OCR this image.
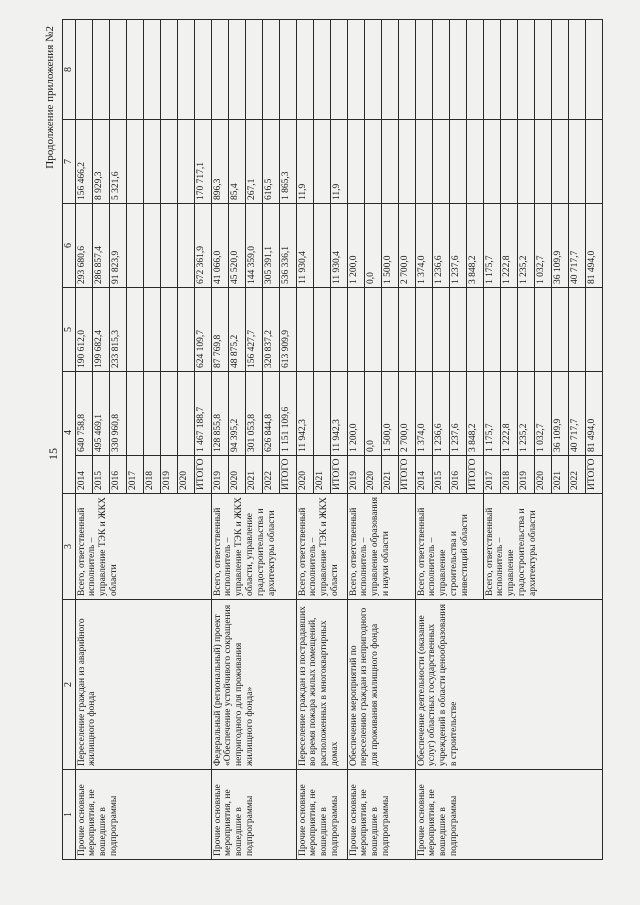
15

Продолжение приложения №2

1	2	3	4		5	6	7	8
Прочие основные мероприятия, не вошедшие в подпрограммы	Переселение граждан из аварийного жилищного фонда	Всего, ответственный исполнитель – управление ТЭК и ЖКХ области	2014	640 758,8	190 612,0	293 680,6	156 466,2	
			2015	495 469,1	199 682,4	286 857,4	8 929,3	
			2016	330 960,8	233 815,3	91 823,9	5 321,6	
			2017					
			2018					
			2019					
			2020					
			ИТОГО	1 467 188,7	624 109,7	672 361,9	170 717,1	
Прочие основные мероприятия, не вошедшие в подпрограммы	Федеральный (региональный) проект «Обеспечение устойчивого сокращения непригодного для проживания жилищного фонда»	Всего, ответственный исполнитель – управление ТЭК и ЖКХ области, управление градостроительства и архитектуры области	2019	128 855,8	87 769,8	41 066,0	896,3	
			2020	94 395,2	48 875,2	45 520,0	85,4	
			2021	301 053,8	156 427,7	144 359,0	267,1	
			2022	626 844,8	320 837,2	305 391,1	616,5	
			ИТОГО	1 151 109,6	613 909,9	536 336,1	1 865,3	
Прочие основные мероприятия, не вошедшие в подпрограммы	Переселение граждан из пострадавших во время пожара жилых помещений, расположенных в многоквартирных домах	Всего, ответственный исполнитель – управление ТЭК и ЖКХ области	2020	11 942,3		11 930,4	11,9	
			2021					
			ИТОГО	11 942,3		11 930,4	11,9	
Прочие основные мероприятия, не вошедшие в подпрограммы	Обеспечение мероприятий по переселению граждан из непригодного для проживания жилищного фонда	Всего, ответственный исполнитель – управление образования и науки области	2019	1 200,0		1 200,0		
			2020	0,0		0,0		
			2021	1 500,0		1 500,0		
			ИТОГО	2 700,0		2 700,0		
Прочие основные мероприятия, не вошедшие в подпрограммы	Обеспечение деятельности (оказание услуг) областных государственных учреждений в области ценообразования в строительстве	Всего, ответственный исполнитель – управление строительства и инвестиций области	2014	1 374,0		1 374,0		
			2015	1 236,6		1 236,6		
			2016	1 237,6		1 237,6		
			ИТОГО	3 848,2		3 848,2		
		Всего, ответственный исполнитель – управление градостроительства и архитектуры области	2017	1 175,7		1 175,7		
			2018	1 222,8		1 222,8		
			2019	1 235,2		1 235,2		
			2020	1 032,7		1 032,7		
			2021	36 109,9		36 109,9		
			2022	40 717,7		40 717,7		
			ИТОГО	81 494,0		81 494,0		
